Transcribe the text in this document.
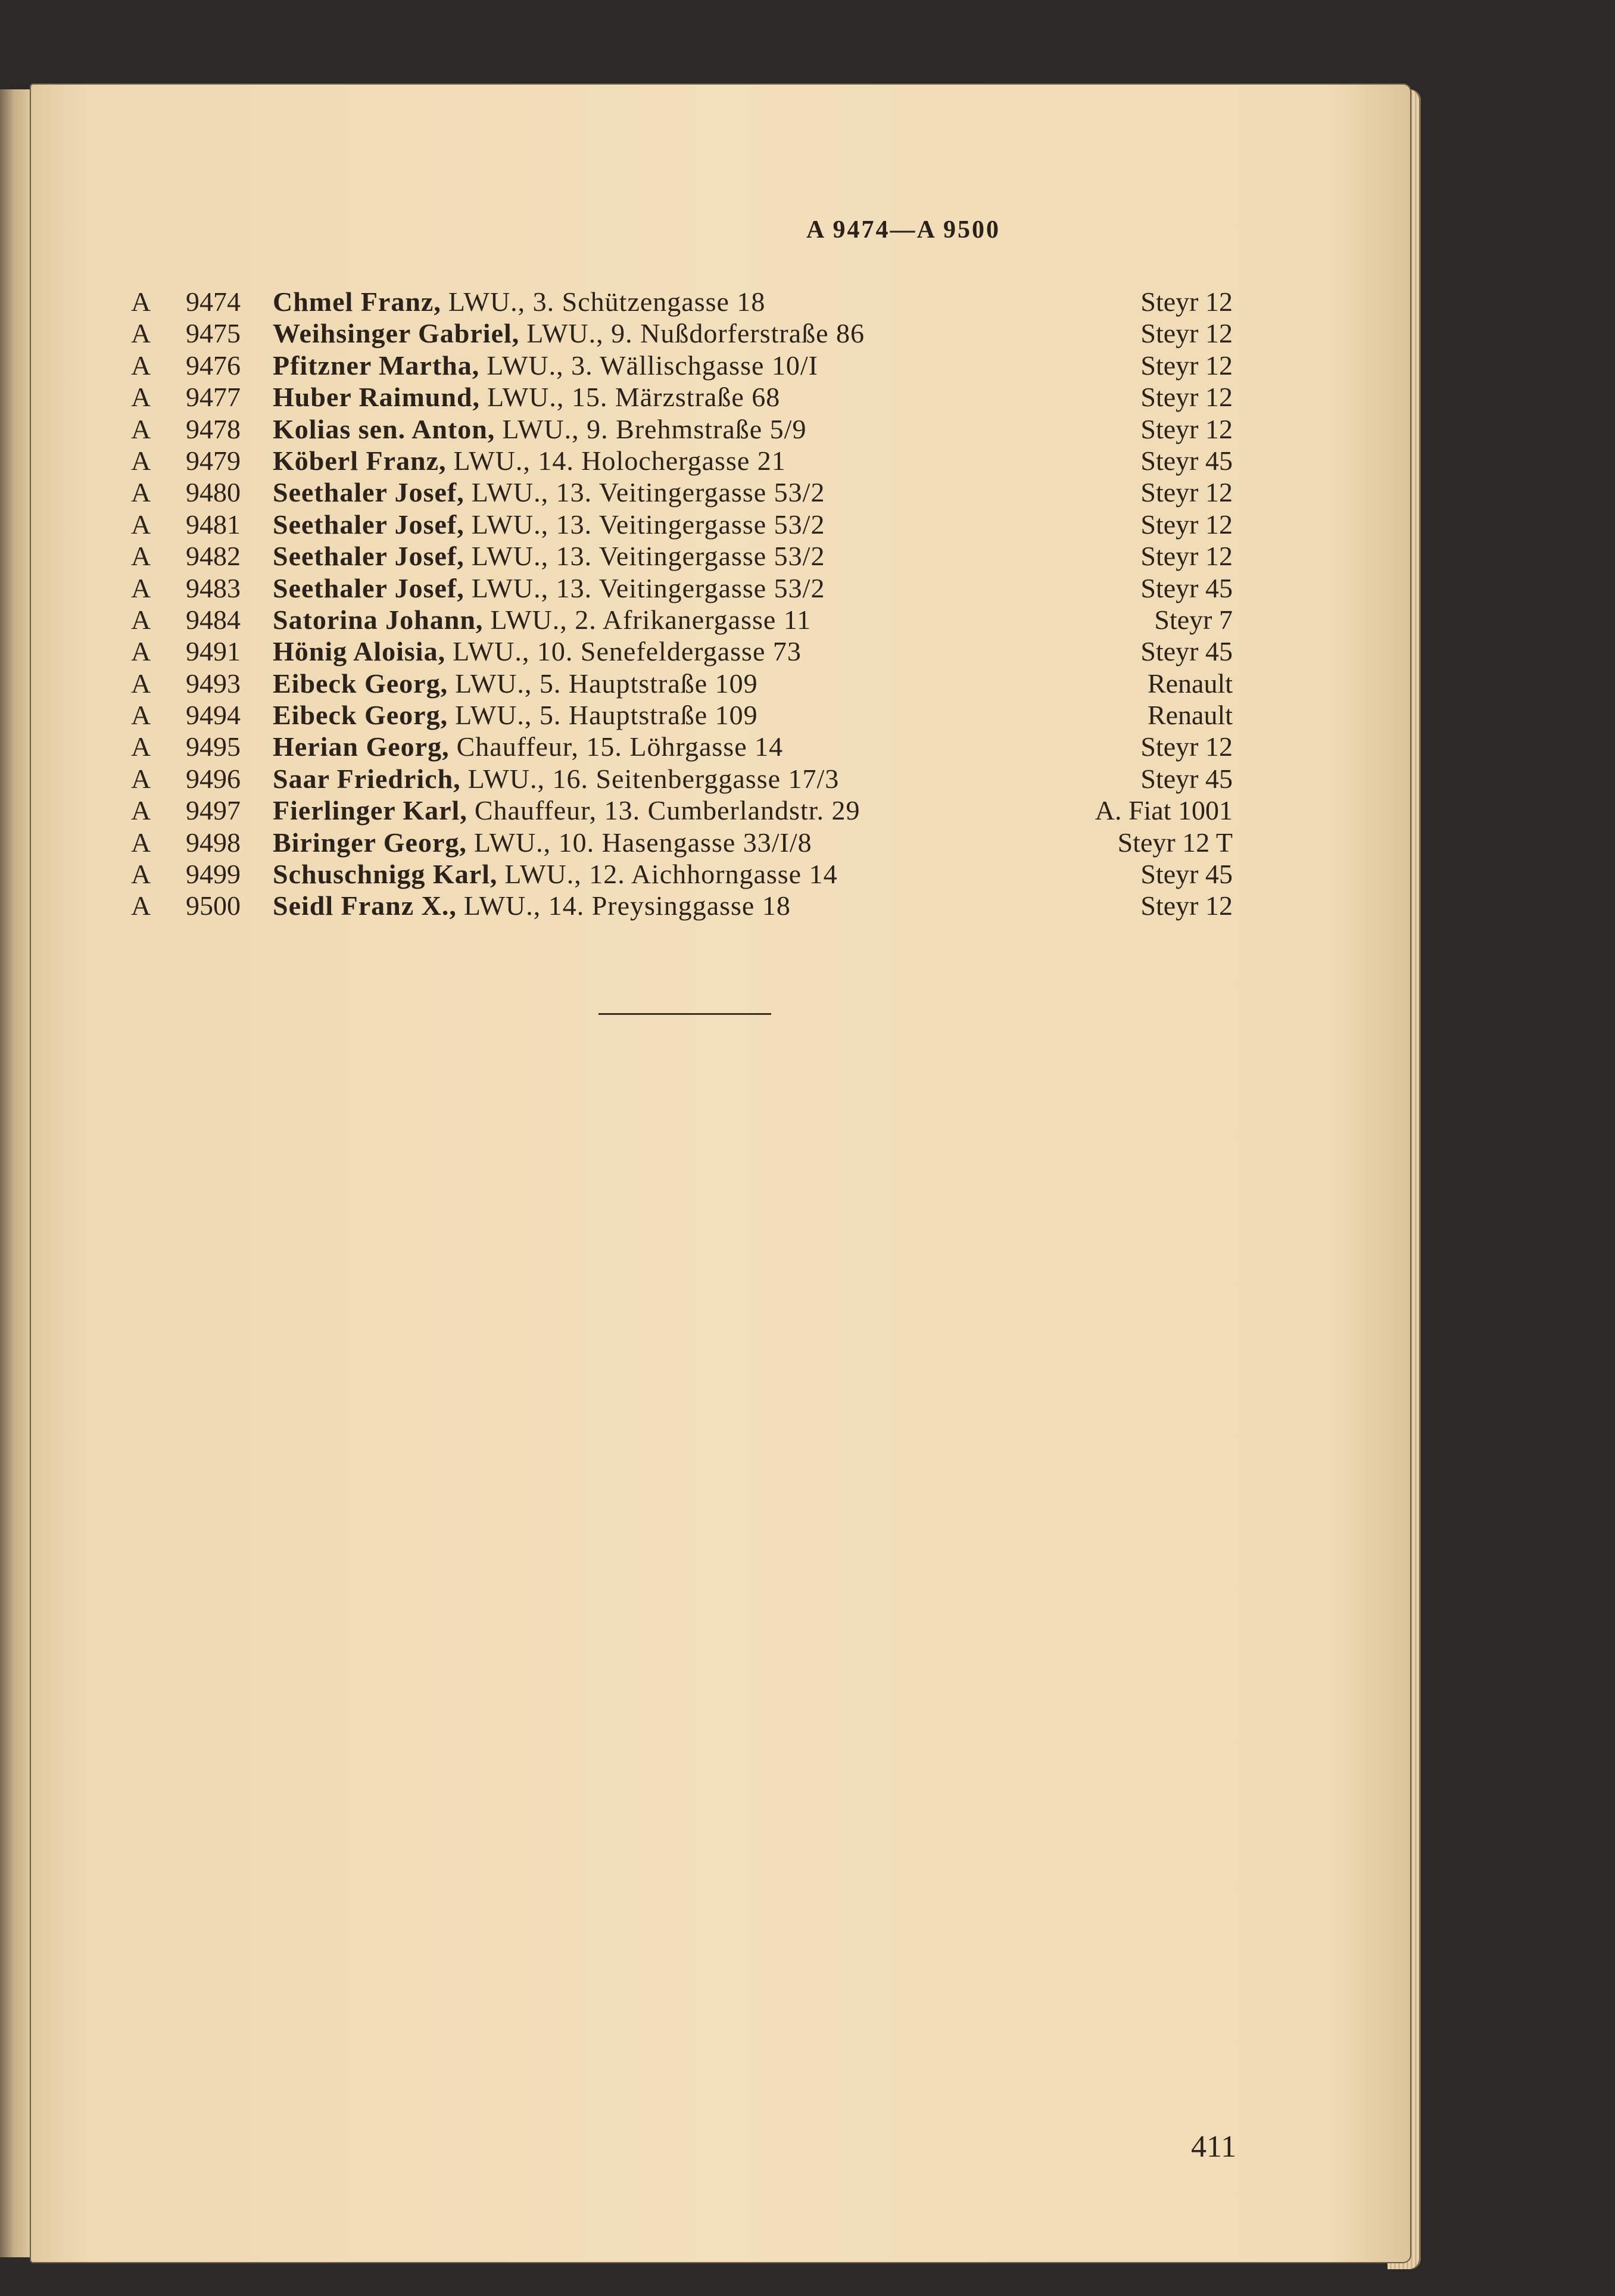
A 9474—A 9500
A 9474 Chmel Franz, LWU., 3. Schützengasse 18	Steyr 12
A 9475 Weihsinger Gabriel, LWU., 9. Nußdorferstraße 86	Steyr 12
A 9476 Pfitzner Martha, LWU., 3. Wällischgasse 10/I	Steyr 12
A 9477 Huber Raimund, LWU., 15. Märzstraße 68	Steyr 12
A 9478 Kolias sen. Anton, LWU., 9. Brehmstraße 5/9	Steyr 12
A 9479 Köberl Franz, LWU., 14. Holochergasse 21	Steyr 45
A 9480 Seethaler Josef, LWU., 13. Veitingergasse 53/2	Steyr 12
A 9481 Seethaler Josef, LWU., 13. Veitingergasse 53/2	Steyr 12
A 9482 Seethaler Josef, LWU., 13. Veitingergasse 53/2	Steyr 12
A 9483 Seethaler Josef, LWU., 13. Veitingergasse 53/2	Steyr 45
A 9484 Satorina Johann, LWU., 2. Afrikanergasse 11	Steyr 7
A 9491 Hönig Aloisia, LWU., 10. Senefeldergasse 73	Steyr 45
A 9493 Eibeck Georg, LWU., 5. Hauptstraße 109	Renault
A 9494 Eibeck Georg, LWU., 5. Hauptstraße 109	Renault
A 9495 Herian Georg, Chauffeur, 15. Löhrgasse 14	Steyr 12
A 9496 Saar Friedrich, LWU., 16. Seitenberggasse 17/3	Steyr 45
A 9497 Fierlinger Karl, Chauffeur, 13. Cumberlandstr. 29	A. Fiat 1001
A 9498 Biringer Georg, LWU., 10. Hasengasse 33/I/8	Steyr 12 T
A 9499 Schuschnigg Karl, LWU., 12. Aichhorngasse 14	Steyr 45
A 9500 Seidl Franz X., LWU., 14. Preysinggasse 18	Steyr 12
411
